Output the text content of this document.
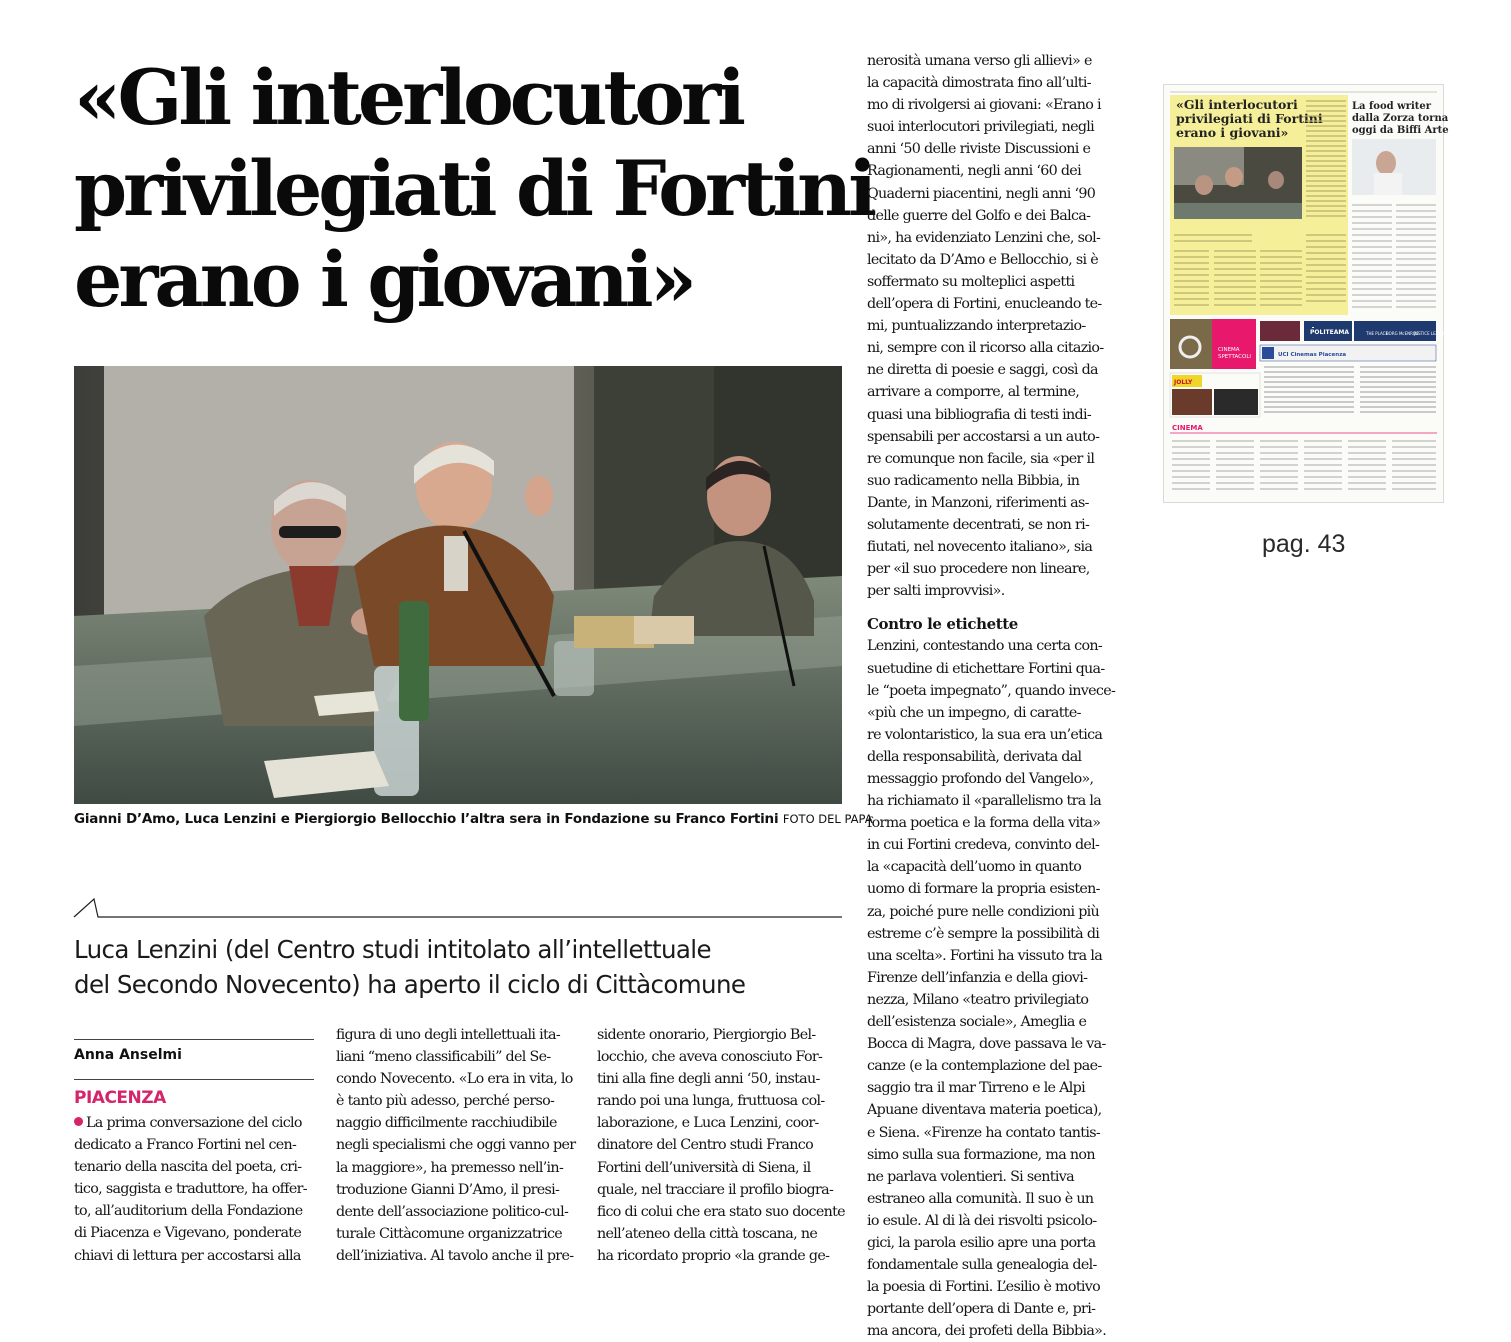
«Gli interlocutori
privilegiati di Fortini
erano i giovani»
Gianni D’Amo, Luca Lenzini e Piergiorgio Bellocchio l’altra sera in Fondazione su Franco Fortini FOTO DEL PAPA
Luca Lenzini (del Centro studi intitolato all’intellettuale
del Secondo Novecento) ha aperto il ciclo di Cittàcomune
Anna Anselmi
PIACENZA
La prima conversazione del ciclo
dedicato a Franco Fortini nel cen-
tenario della nascita del poeta, cri-
tico, saggista e traduttore, ha offer-
to, all’auditorium della Fondazione
di Piacenza e Vigevano, ponderate
chiavi di lettura per accostarsi alla
figura di uno degli intellettuali ita-
liani “meno classificabili” del Se-
condo Novecento. «Lo era in vita, lo
è tanto più adesso, perché perso-
naggio difficilmente racchiudibile
negli specialismi che oggi vanno per
la maggiore», ha premesso nell’in-
troduzione Gianni D’Amo, il presi-
dente dell’associazione politico-cul-
turale Cittàcomune organizzatrice
dell’iniziativa. Al tavolo anche il pre-
sidente onorario, Piergiorgio Bel-
locchio, che aveva conosciuto For-
tini alla fine degli anni ‘50, instau-
rando poi una lunga, fruttuosa col-
laborazione, e Luca Lenzini, coor-
dinatore del Centro studi Franco
Fortini dell’università di Siena, il
quale, nel tracciare il profilo biogra-
fico di colui che era stato suo docente
nell’ateneo della città toscana, ne
ha ricordato proprio «la grande ge-
nerosità umana verso gli allievi» e
la capacità dimostrata fino all’ulti-
mo di rivolgersi ai giovani: «Erano i
suoi interlocutori privilegiati, negli
anni ‘50 delle riviste Discussioni e
Ragionamenti, negli anni ‘60 dei
Quaderni piacentini, negli anni ‘90
delle guerre del Golfo e dei Balca-
ni», ha evidenziato Lenzini che, sol-
lecitato da D’Amo e Bellocchio, si è
soffermato su molteplici aspetti
dell’opera di Fortini, enucleando te-
mi, puntualizzando interpretazio-
ni, sempre con il ricorso alla citazio-
ne diretta di poesie e saggi, così da
arrivare a comporre, al termine,
quasi una bibliografia di testi indi-
spensabili per accostarsi a un auto-
re comunque non facile, sia «per il
suo radicamento nella Bibbia, in
Dante, in Manzoni, riferimenti as-
solutamente decentrati, se non ri-
fiutati, nel novecento italiano», sia
per «il suo procedere non lineare,
per salti improvvisi».
Contro le etichette
Lenzini, contestando una certa con-
suetudine di etichettare Fortini qua-
le “poeta impegnato”, quando invece-
«più che un impegno, di caratte-
re volontaristico, la sua era un’etica
della responsabilità, derivata dal
messaggio profondo del Vangelo»,
ha richiamato il «parallelismo tra la
forma poetica e la forma della vita»
in cui Fortini credeva, convinto del-
la «capacità dell’uomo in quanto
uomo di formare la propria esisten-
za, poiché pure nelle condizioni più
estreme c’è sempre la possibilità di
una scelta». Fortini ha vissuto tra la
Firenze dell’infanzia e della giovi-
nezza, Milano «teatro privilegiato
dell’esistenza sociale», Ameglia e
Bocca di Magra, dove passava le va-
canze (e la contemplazione del pae-
saggio tra il mar Tirreno e le Alpi
Apuane diventava materia poetica),
e Siena. «Firenze ha contato tantis-
simo sulla sua formazione, ma non
ne parlava volentieri. Si sentiva
estraneo alla comunità. Il suo è un
io esule. Al di là dei risvolti psicolo-
gici, la parola esilio apre una porta
fondamentale sulla genealogia del-
la poesia di Fortini. L’esilio è motivo
portante dell’opera di Dante e, pri-
ma ancora, dei profeti della Bibbia».
«Gli interlocutori
privilegiati di Fortini
erano i giovani»
La food writer
dalla Zorza torna
oggi da Biffi Arte
CINEMA
SPETTACOLI
POLITEAMA
UCI Cinemas Piacenza
JOLLY
THE PLACE
BORG McENROE
JUSTICE LEAGUE
CINEMA
pag. 43
